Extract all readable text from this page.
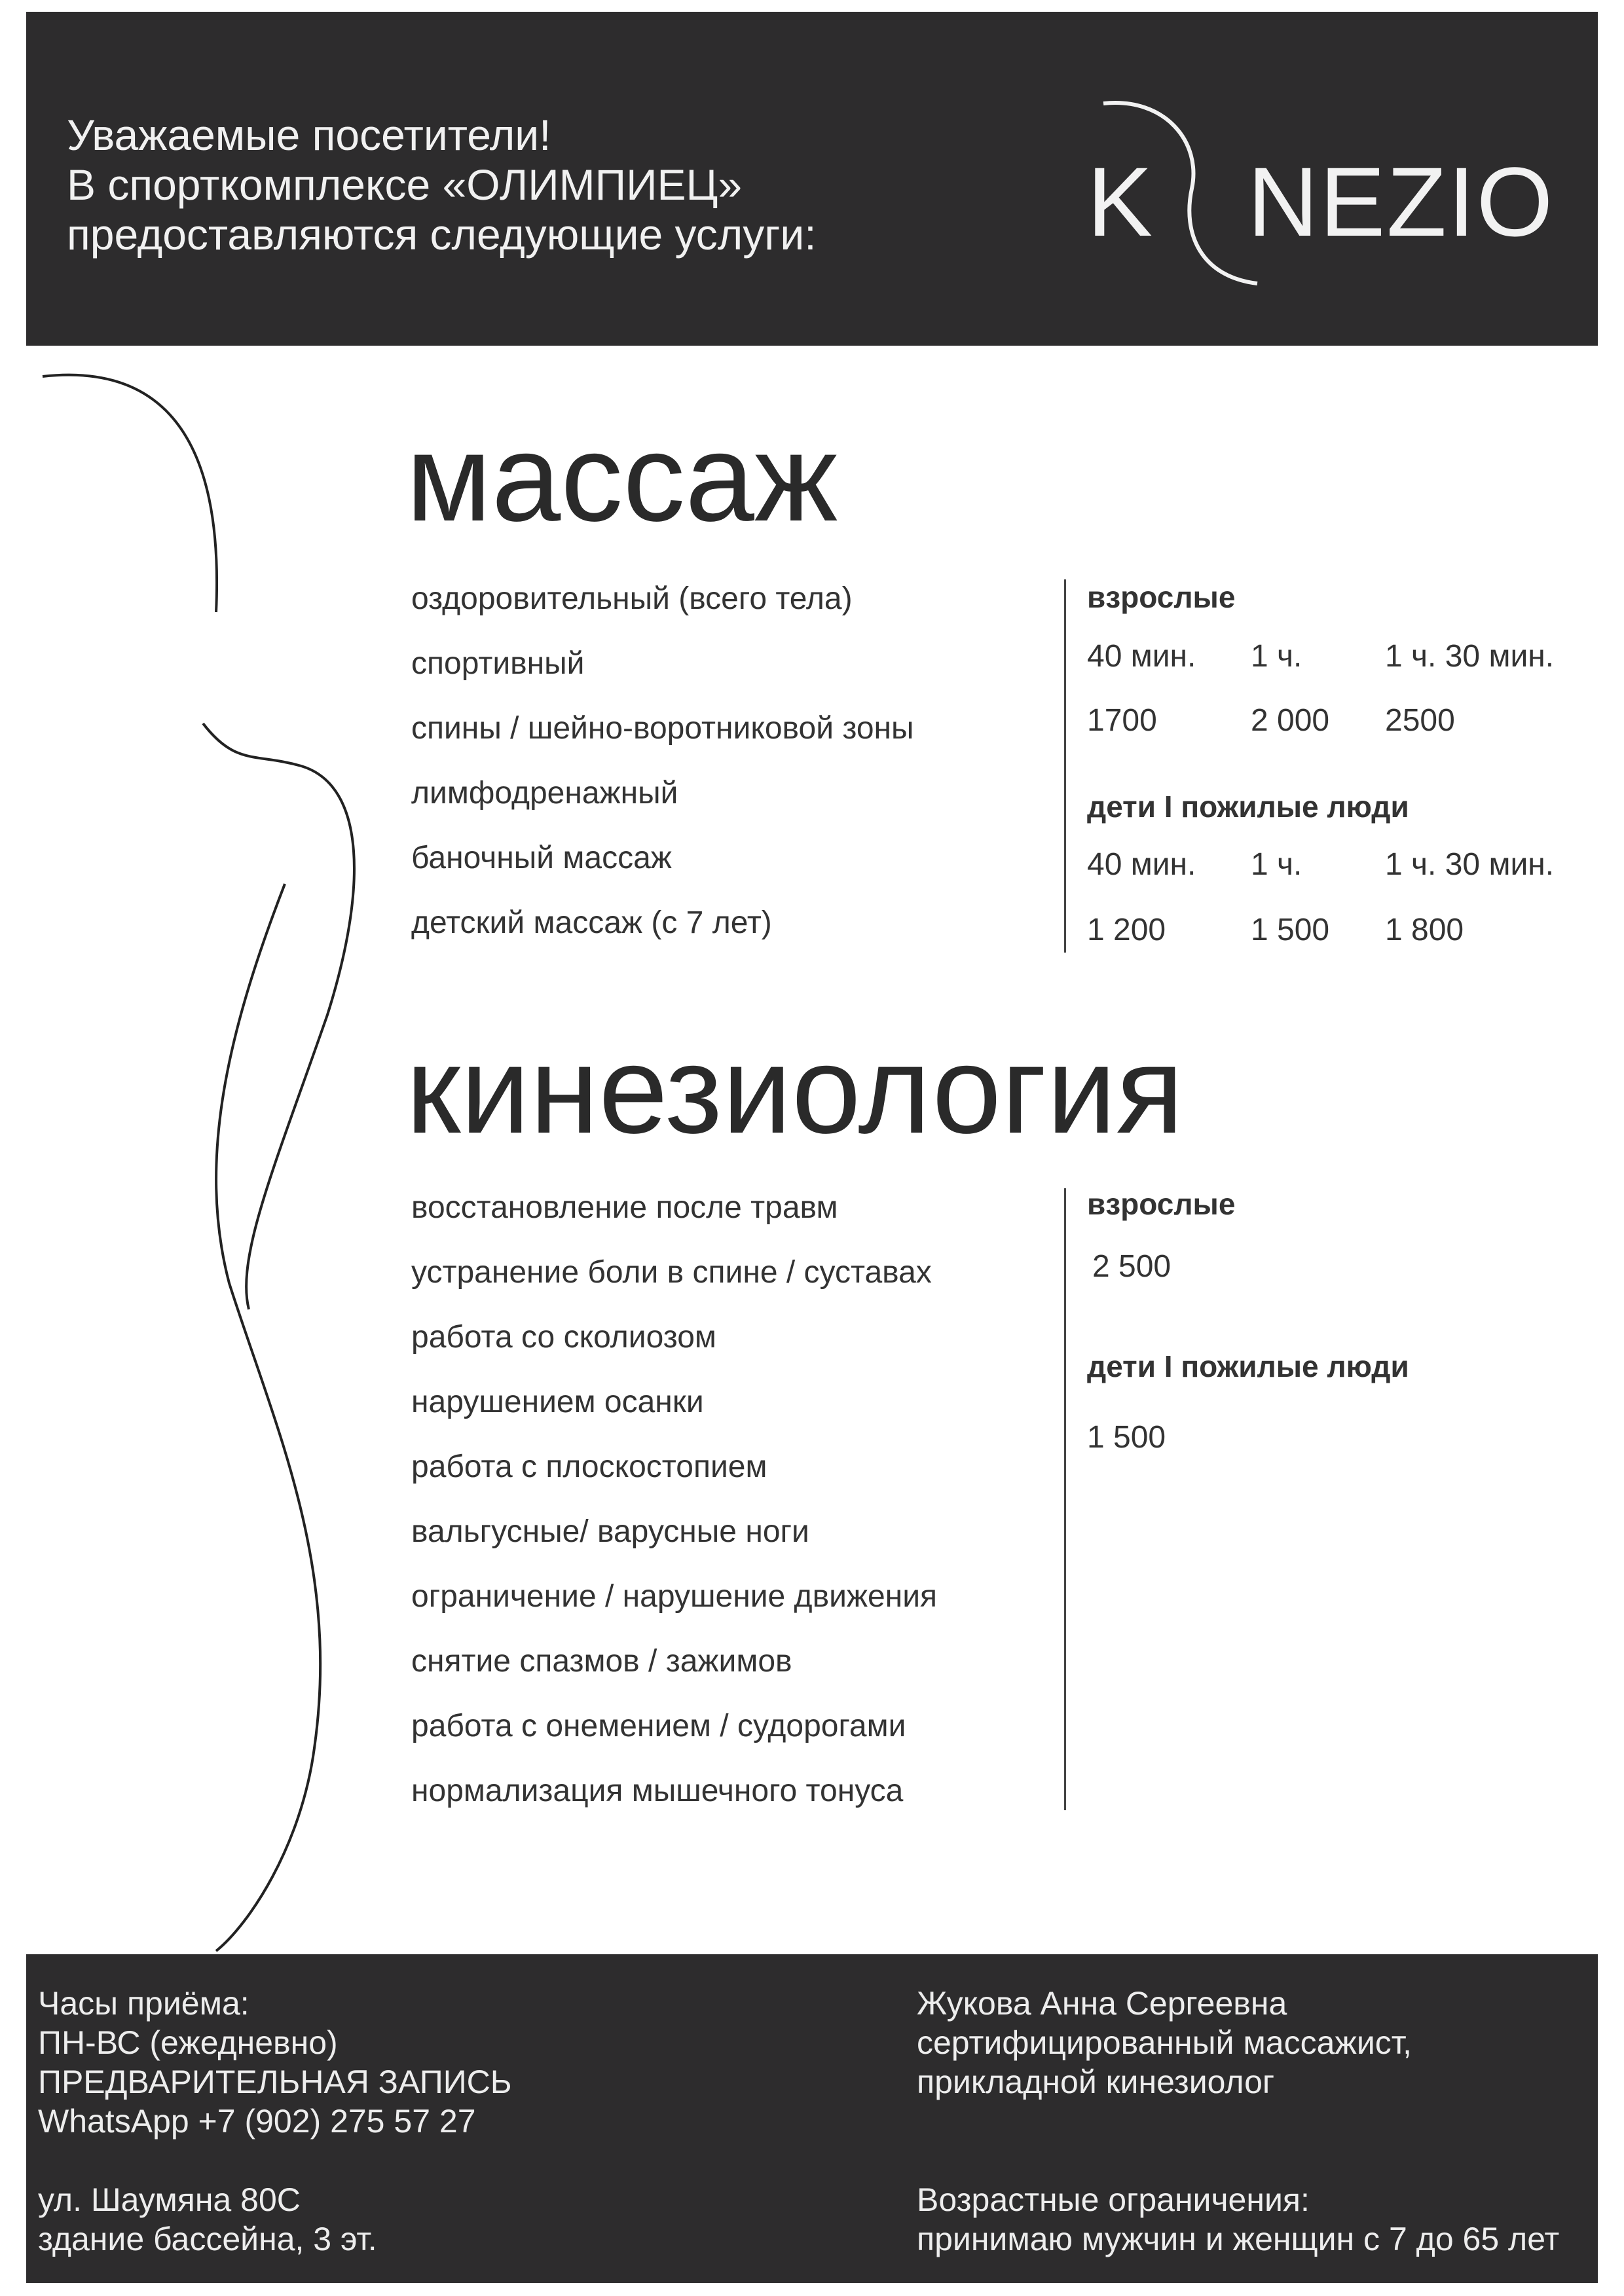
Уважаемые посетители!
В спорткомплексе «ОЛИМПИЕЦ»
предоставляются следующие услуги:	K NEZIO
массаж
оздоровительный (всего тела)
спортивный
спины / шейно-воротниковой зоны
лимфодренажный
баночный массаж
детский массаж (с 7 лет)
взрослые
40 мин.	1 ч.	1 ч. 30 мин.
1700	2 000	2500
дети I пожилые люди
40 мин.	1 ч.	1 ч. 30 мин.
1 200	1 500	1 800
кинезиология
восстановление после травм
устранение боли в спине / суставах
работа со сколиозом
нарушением осанки
работа с плоскостопием
вальгусные/ варусные ноги
ограничение / нарушение движения
снятие спазмов / зажимов
работа с онемением / судорогами
нормализация мышечного тонуса
взрослые
2 500
дети I пожилые люди
1 500
Часы приёма:
ПН-ВС (ежедневно)
ПРЕДВАРИТЕЛЬНАЯ ЗАПИСЬ
WhatsApp +7 (902) 275 57 27
ул. Шаумяна 80С
здание бассейна, 3 эт.
Жукова Анна Сергеевна
сертифицированный массажист,
прикладной кинезиолог
Возрастные ограничения:
принимаю мужчин и женщин с 7 до 65 лет
